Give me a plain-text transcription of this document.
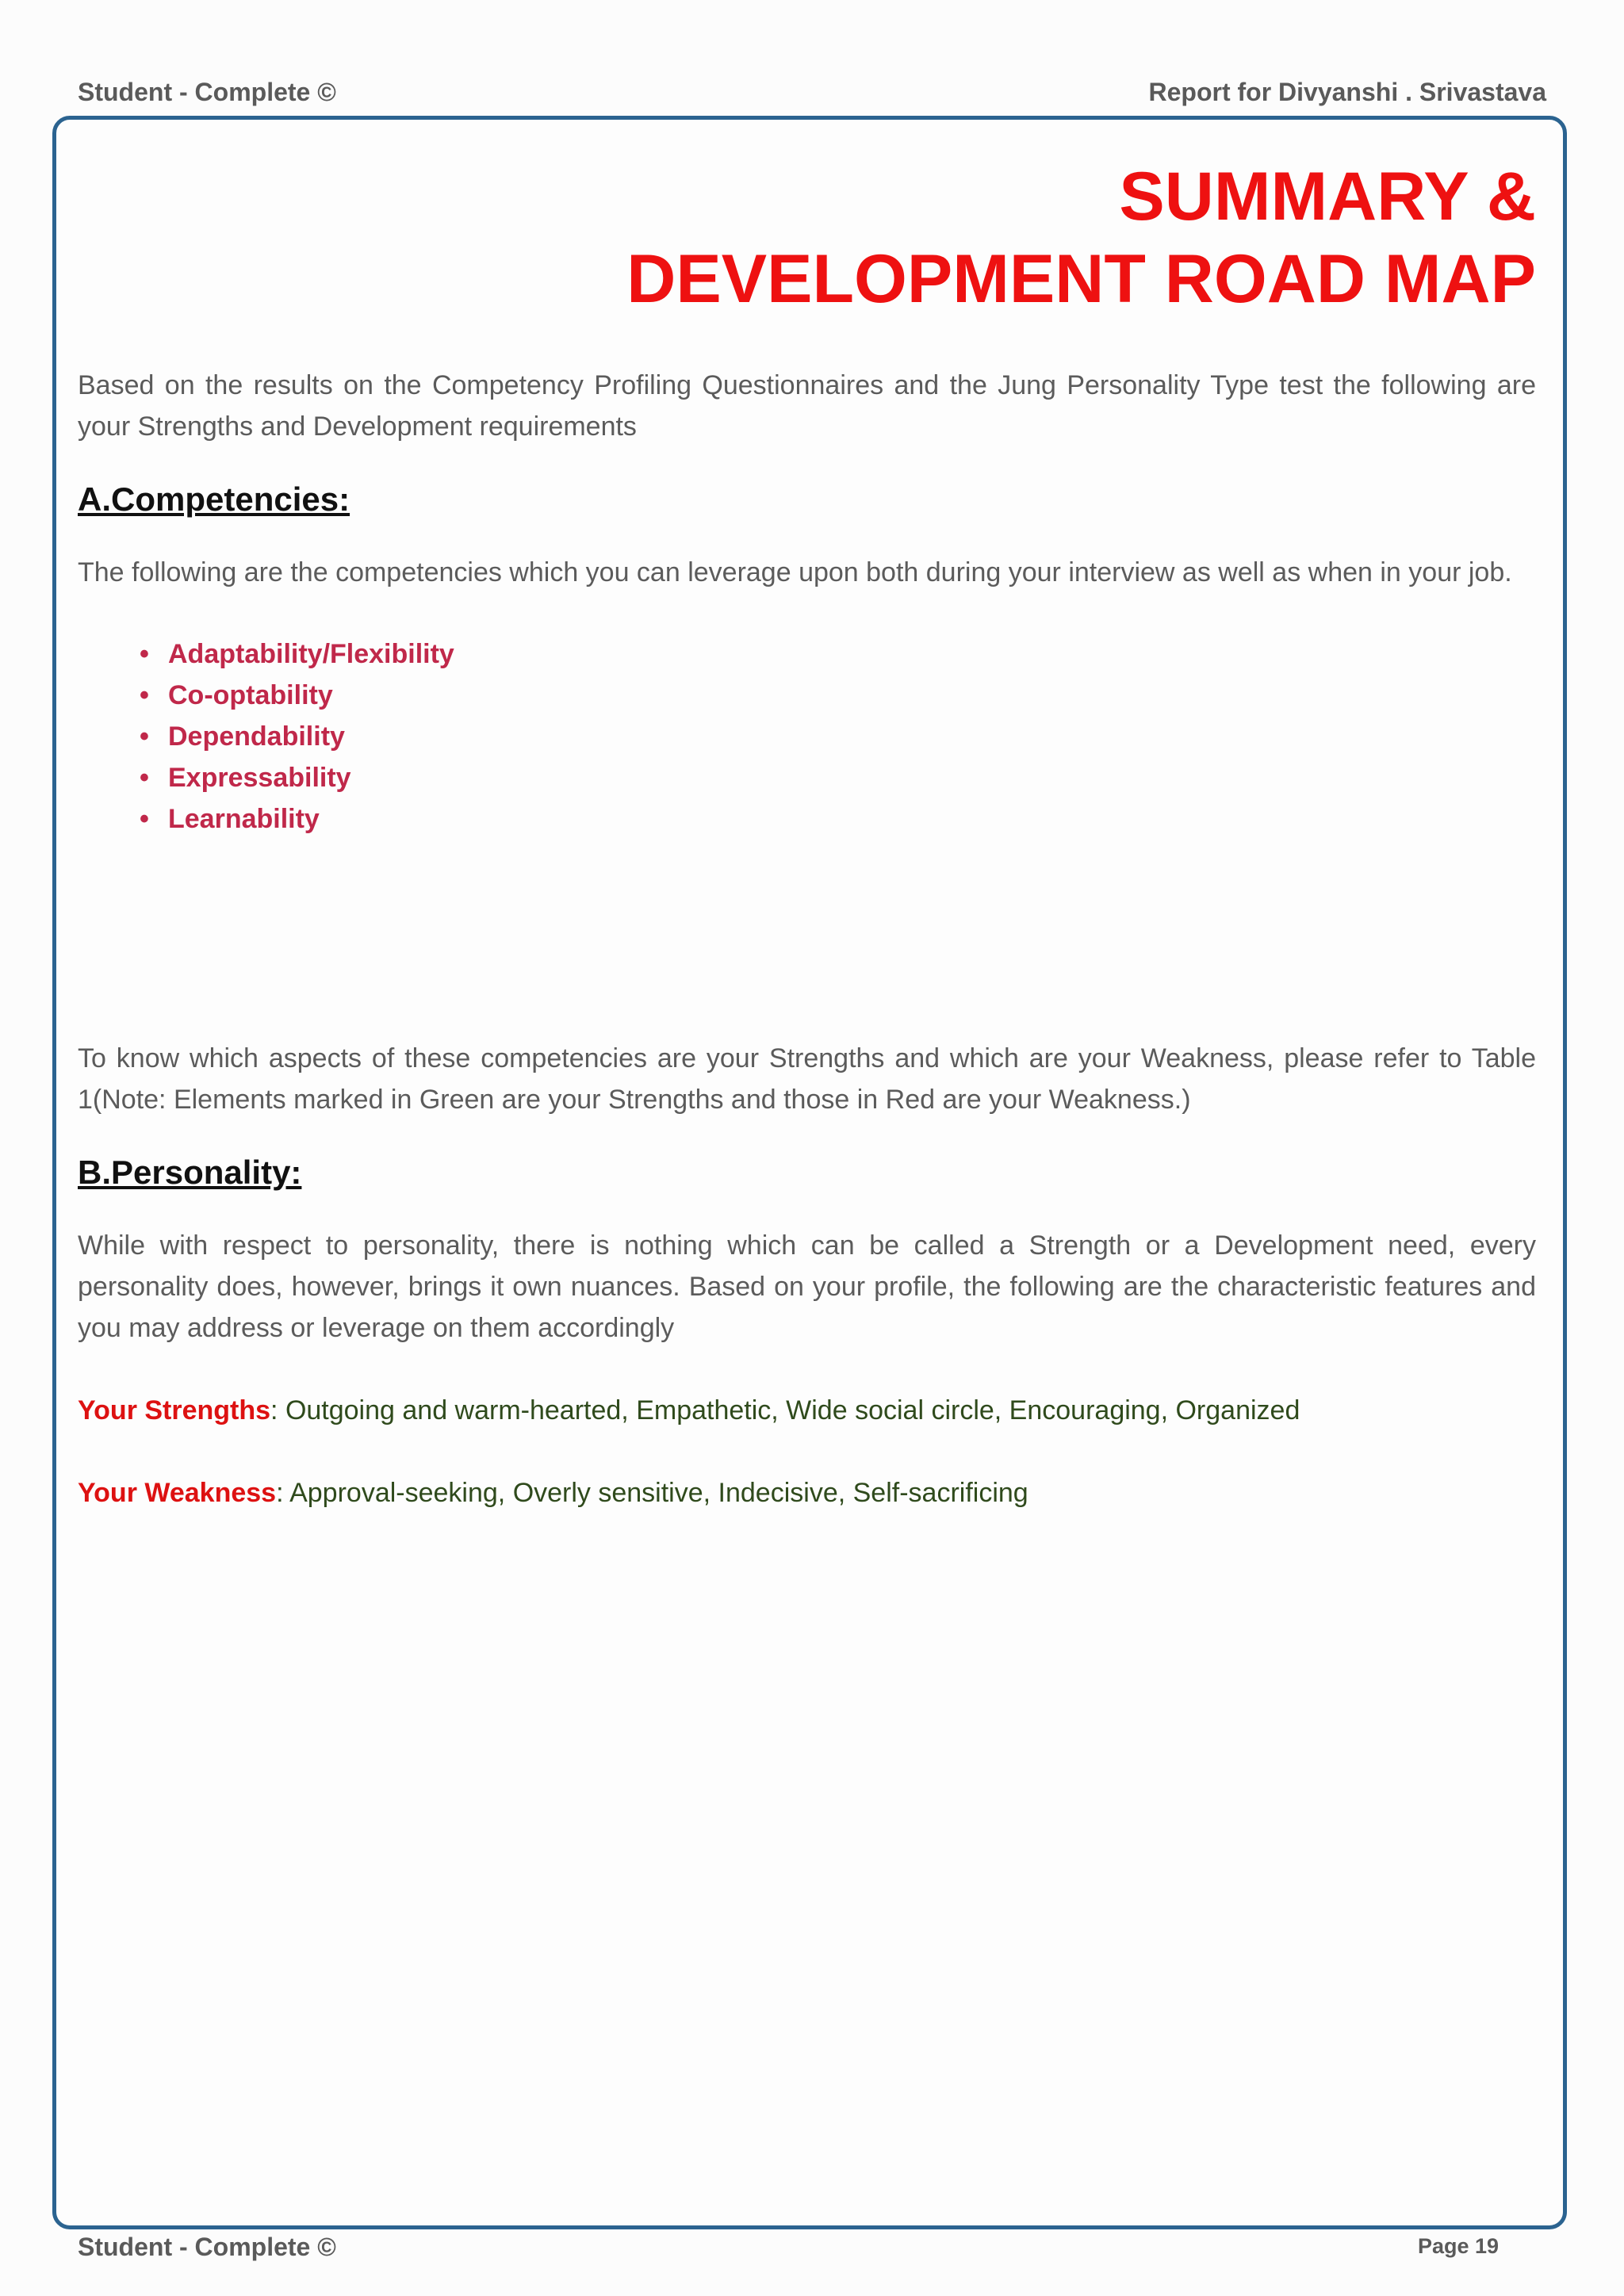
Student - Complete ©	Report for Divyanshi . Srivastava
SUMMARY &
DEVELOPMENT ROAD MAP

Based on the results on the Competency Profiling Questionnaires and the Jung Personality Type test the following are your Strengths and Development requirements

A.Competencies:

The following are the competencies which you can leverage upon both during your interview as well as when in your job.

• Adaptability/Flexibility
• Co-optability
• Dependability
• Expressability
• Learnability

To know which aspects of these competencies are your Strengths and which are your Weakness, please refer to Table 1(Note: Elements marked in Green are your Strengths and those in Red are your Weakness.)

B.Personality:

While with respect to personality, there is nothing which can be called a Strength or a Development need, every personality does, however, brings it own nuances. Based on your profile, the following are the characteristic features and you may address or leverage on them accordingly

Your Strengths: Outgoing and warm-hearted, Empathetic, Wide social circle, Encouraging, Organized

Your Weakness: Approval-seeking, Overly sensitive, Indecisive, Self-sacrificing

Student - Complete ©	Page 19
